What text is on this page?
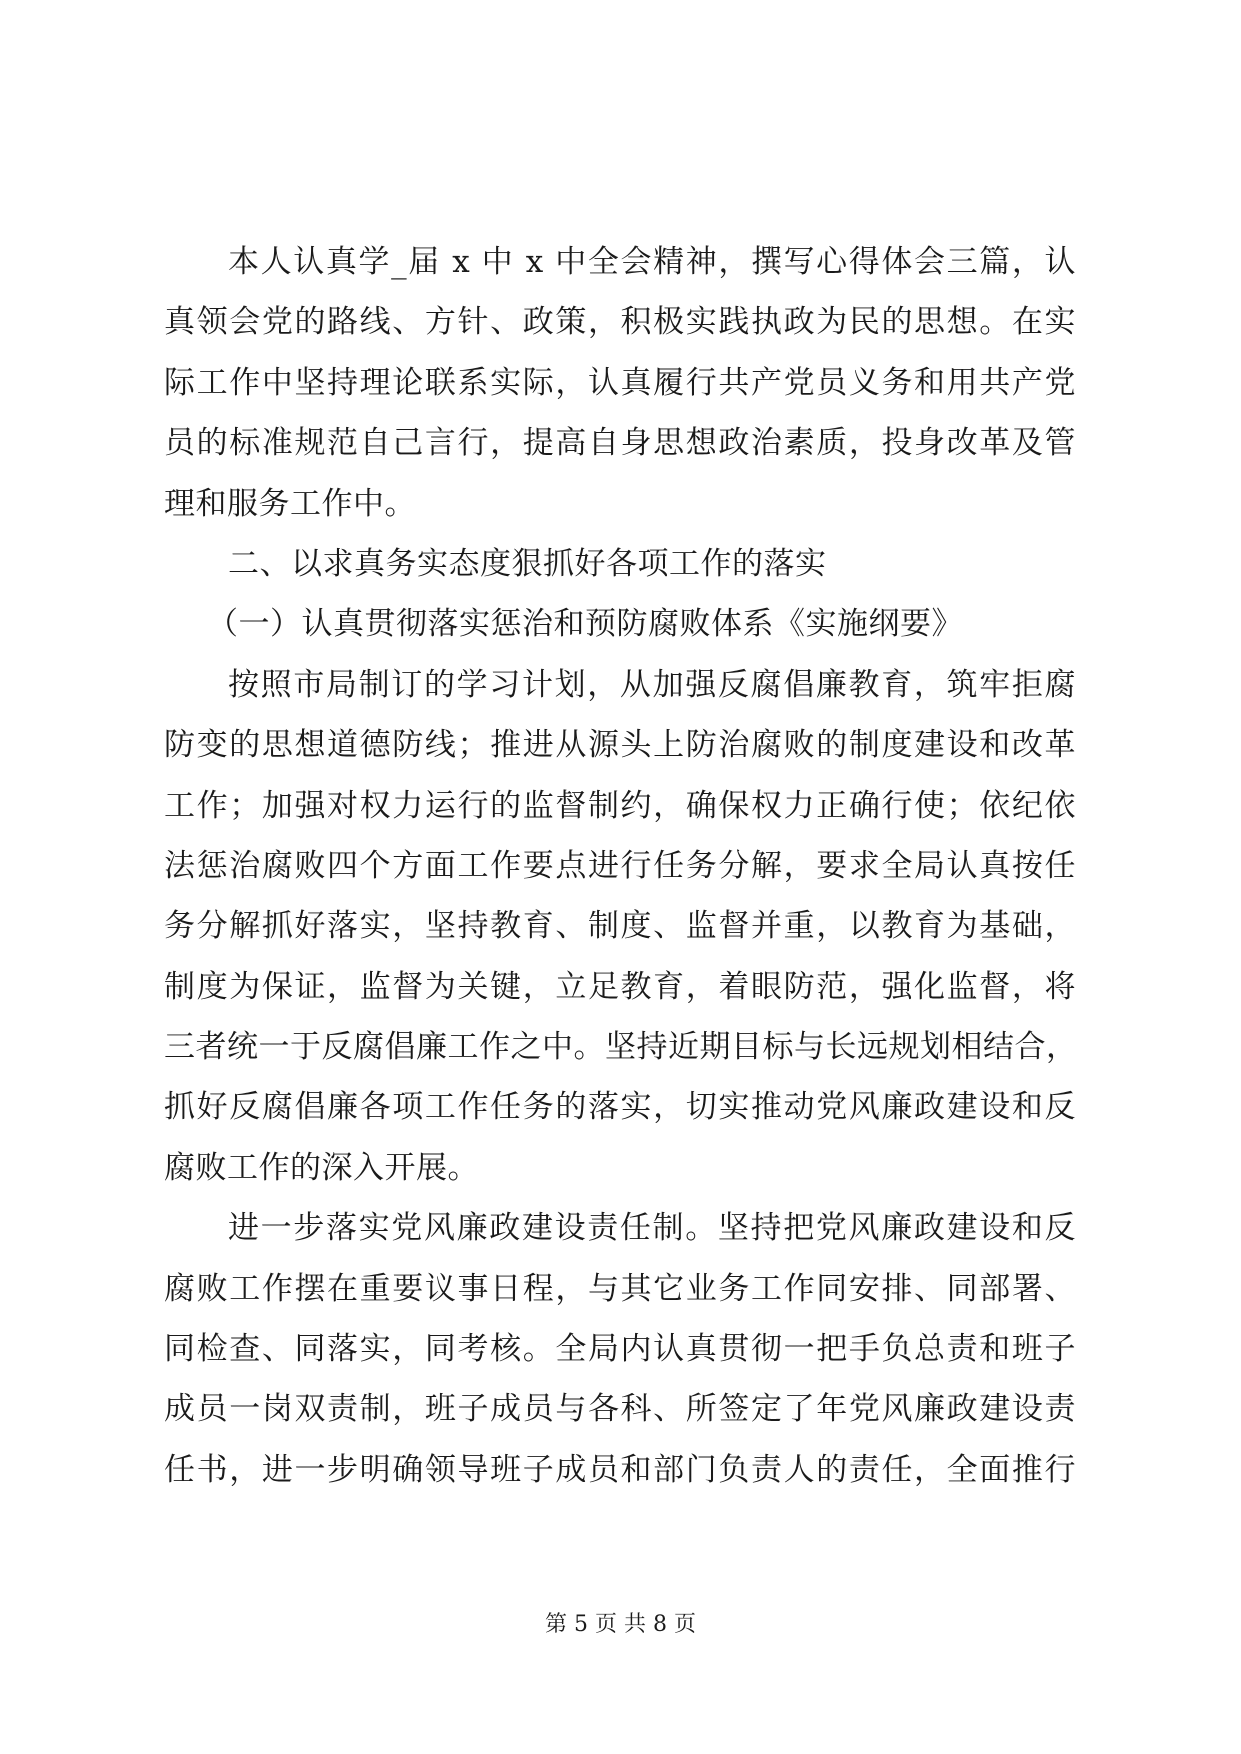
本人认真学_届 x 中 x 中全会精神，撰写心得体会三篇，认
真领会党的路线、方针、政策，积极实践执政为民的思想。在实
际工作中坚持理论联系实际，认真履行共产党员义务和用共产党
员的标准规范自己言行，提高自身思想政治素质，投身改革及管
理和服务工作中。
二、以求真务实态度狠抓好各项工作的落实
（一）认真贯彻落实惩治和预防腐败体系《实施纲要》
按照市局制订的学习计划，从加强反腐倡廉教育，筑牢拒腐
防变的思想道德防线；推进从源头上防治腐败的制度建设和改革
工作；加强对权力运行的监督制约，确保权力正确行使；依纪依
法惩治腐败四个方面工作要点进行任务分解，要求全局认真按任
务分解抓好落实，坚持教育、制度、监督并重，以教育为基础，
制度为保证，监督为关键，立足教育，着眼防范，强化监督，将
三者统一于反腐倡廉工作之中。坚持近期目标与长远规划相结合，
抓好反腐倡廉各项工作任务的落实，切实推动党风廉政建设和反
腐败工作的深入开展。
进一步落实党风廉政建设责任制。坚持把党风廉政建设和反
腐败工作摆在重要议事日程，与其它业务工作同安排、同部署、
同检查、同落实，同考核。全局内认真贯彻一把手负总责和班子
成员一岗双责制，班子成员与各科、所签定了年党风廉政建设责
任书，进一步明确领导班子成员和部门负责人的责任，全面推行
第 5 页 共 8 页
